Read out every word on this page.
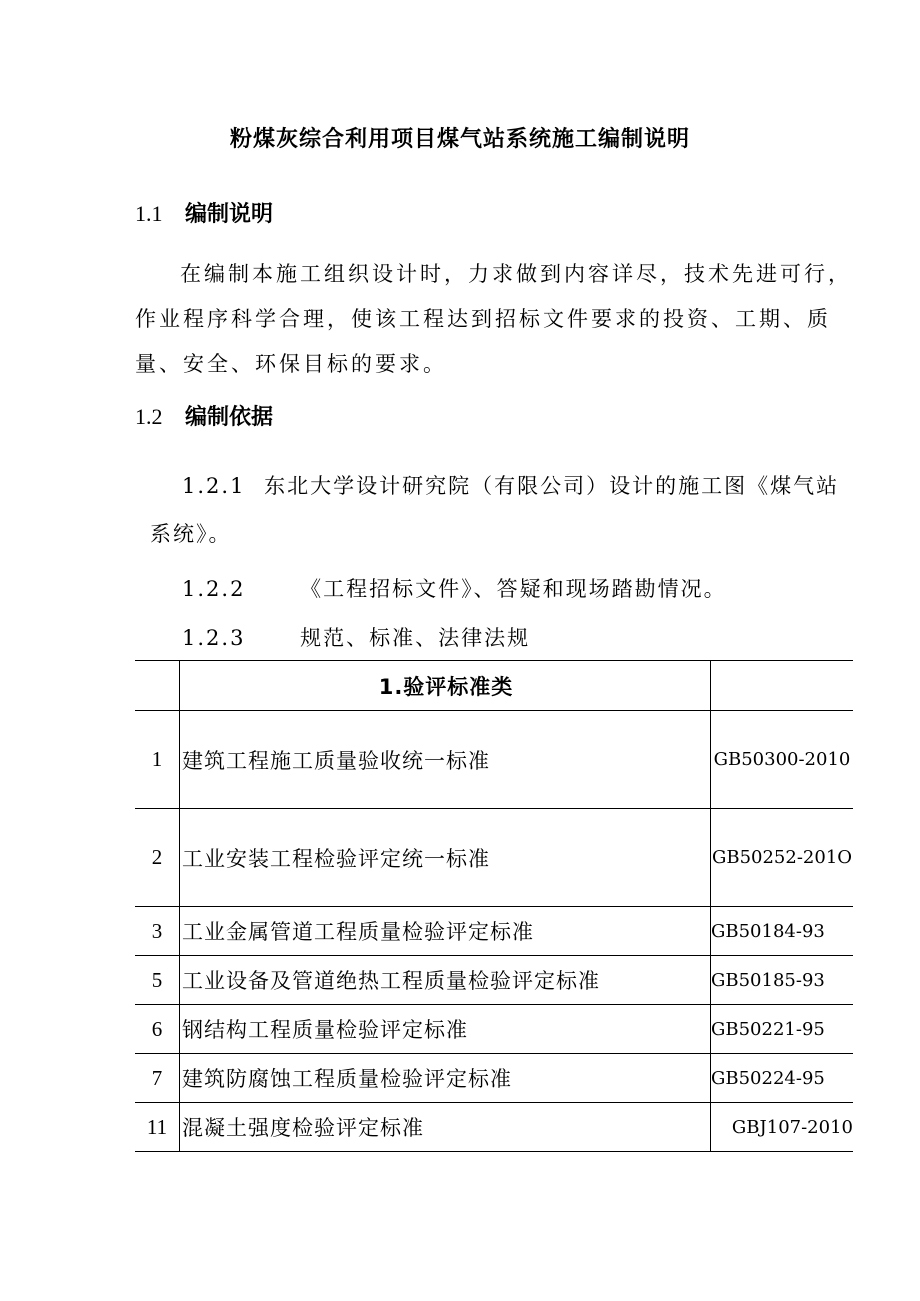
粉煤灰综合利用项目煤气站系统施工编制说明
1.1 编制说明
在编制本施工组织设计时，力求做到内容详尽，技术先进可行，作业程序科学合理，使该工程达到招标文件要求的投资、工期、质量、安全、环保目标的要求。
1.2 编制依据
1.2.1 东北大学设计研究院（有限公司）设计的施工图《煤气站
系统》。
1.2.2	《工程招标文件》、答疑和现场踏勘情况。
1.2.3	规范、标准、法律法规
	1.验评标准类	
1	建筑工程施工质量验收统一标准	GB50300-2010
2	工业安装工程检验评定统一标准	GB50252-201O
3	工业金属管道工程质量检验评定标准	GB50184-93
5	工业设备及管道绝热工程质量检验评定标准	GB50185-93
6	钢结构工程质量检验评定标准	GB50221-95
7	建筑防腐蚀工程质量检验评定标准	GB50224-95
11	混凝土强度检验评定标准	GBJ107-2010
